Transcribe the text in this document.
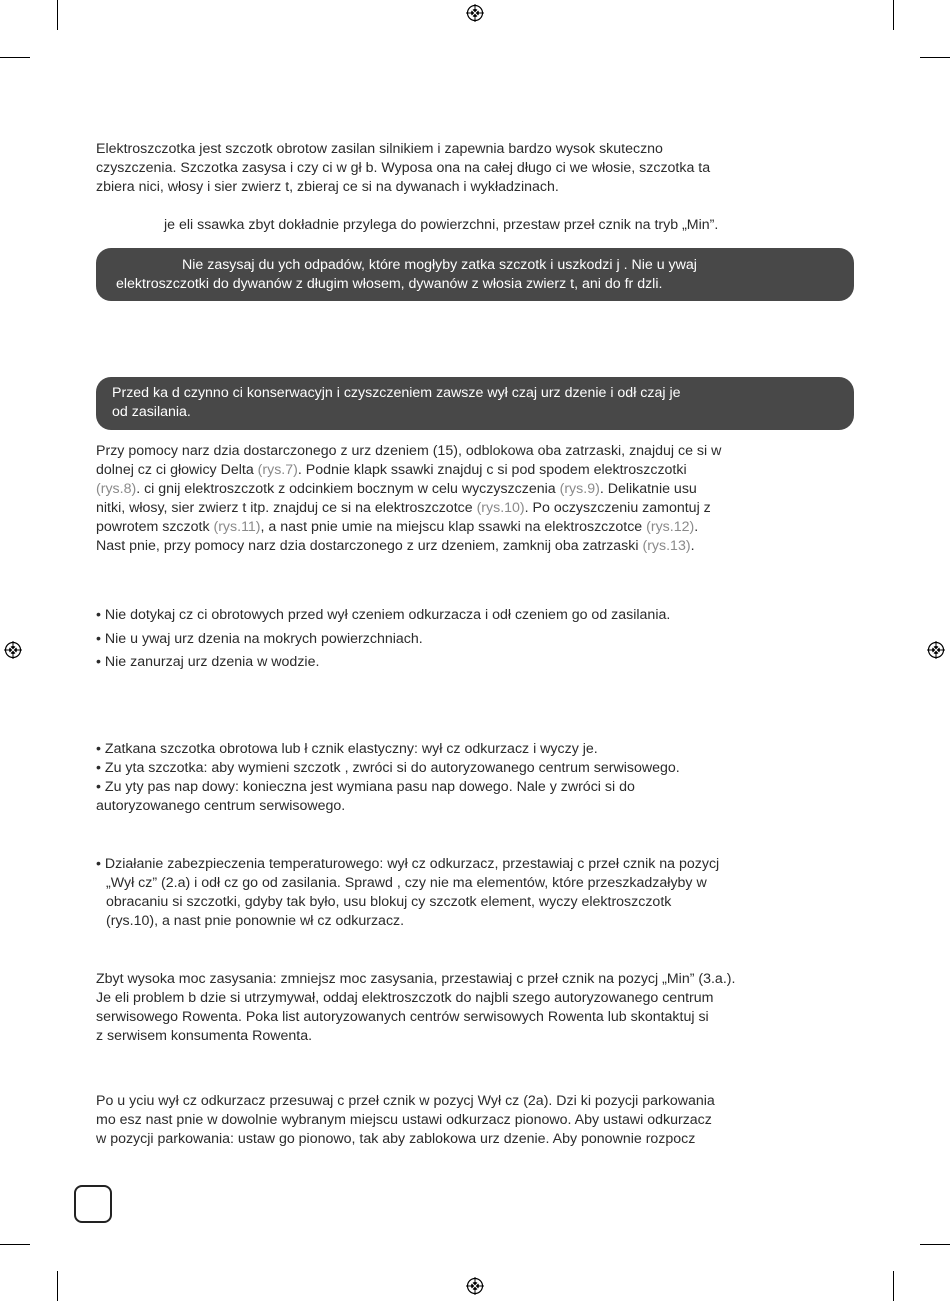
Elektroszczotka jest szczotk obrotow zasilan silnikiem i zapewnia bardzo wysok skuteczno
czyszczenia. Szczotka zasysa i czy ci w gł b. Wyposa ona na całej długo ci we włosie, szczotka ta
zbiera nici, włosy i sier zwierz t, zbieraj ce si na dywanach i wykładzinach.
je eli ssawka zbyt dokładnie przylega do powierzchni, przestaw przeł cznik na tryb „Min”.
Nie zasysaj du ych odpadów, które mogłyby zatka szczotk i uszkodzi j . Nie u ywaj
elektroszczotki do dywanów z długim włosem, dywanów z włosia zwierz t, ani do fr dzli.
Przed ka d czynno ci konserwacyjn i czyszczeniem zawsze wył czaj urz dzenie i odł czaj je
od zasilania.
Przy pomocy narz dzia dostarczonego z urz dzeniem (15), odblokowa oba zatrzaski, znajduj ce si w
dolnej cz ci głowicy Delta (rys.7). Podnie klapk ssawki znajduj c si pod spodem elektroszczotki
(rys.8). ci gnij elektroszczotk z odcinkiem bocznym w celu wyczyszczenia (rys.9). Delikatnie usu
nitki, włosy, sier zwierz t itp. znajduj ce si na elektroszczotce (rys.10). Po oczyszczeniu zamontuj z
powrotem szczotk (rys.11), a nast pnie umie na miejscu klap ssawki na elektroszczotce (rys.12).
Nast pnie, przy pomocy narz dzia dostarczonego z urz dzeniem, zamknij oba zatrzaski (rys.13).
• Nie dotykaj cz ci obrotowych przed wył czeniem odkurzacza i odł czeniem go od zasilania.
• Nie u ywaj urz dzenia na mokrych powierzchniach.
• Nie zanurzaj urz dzenia w wodzie.
• Zatkana szczotka obrotowa lub ł cznik elastyczny: wył cz odkurzacz i wyczy je.
• Zu yta szczotka: aby wymieni szczotk , zwróci si do autoryzowanego centrum serwisowego.
• Zu yty pas nap dowy: konieczna jest wymiana pasu nap dowego. Nale y zwróci si do
autoryzowanego centrum serwisowego.
• Działanie zabezpieczenia temperaturowego: wył cz odkurzacz, przestawiaj c przeł cznik na pozycj
„Wył cz” (2.a) i odł cz go od zasilania. Sprawd , czy nie ma elementów, które przeszkadzałyby w
obracaniu si szczotki, gdyby tak było, usu blokuj cy szczotk element, wyczy elektroszczotk
(rys.10), a nast pnie ponownie wł cz odkurzacz.
Zbyt wysoka moc zasysania: zmniejsz moc zasysania, przestawiaj c przeł cznik na pozycj „Min” (3.a.).
Je eli problem b dzie si utrzymywał, oddaj elektroszczotk do najbli szego autoryzowanego centrum
serwisowego Rowenta. Poka list autoryzowanych centrów serwisowych Rowenta lub skontaktuj si
z serwisem konsumenta Rowenta.
Po u yciu wył cz odkurzacz przesuwaj c przeł cznik w pozycj Wył cz (2a). Dzi ki pozycji parkowania
mo esz nast pnie w dowolnie wybranym miejscu ustawi odkurzacz pionowo. Aby ustawi odkurzacz
w pozycji parkowania: ustaw go pionowo, tak aby zablokowa urz dzenie. Aby ponownie rozpocz
